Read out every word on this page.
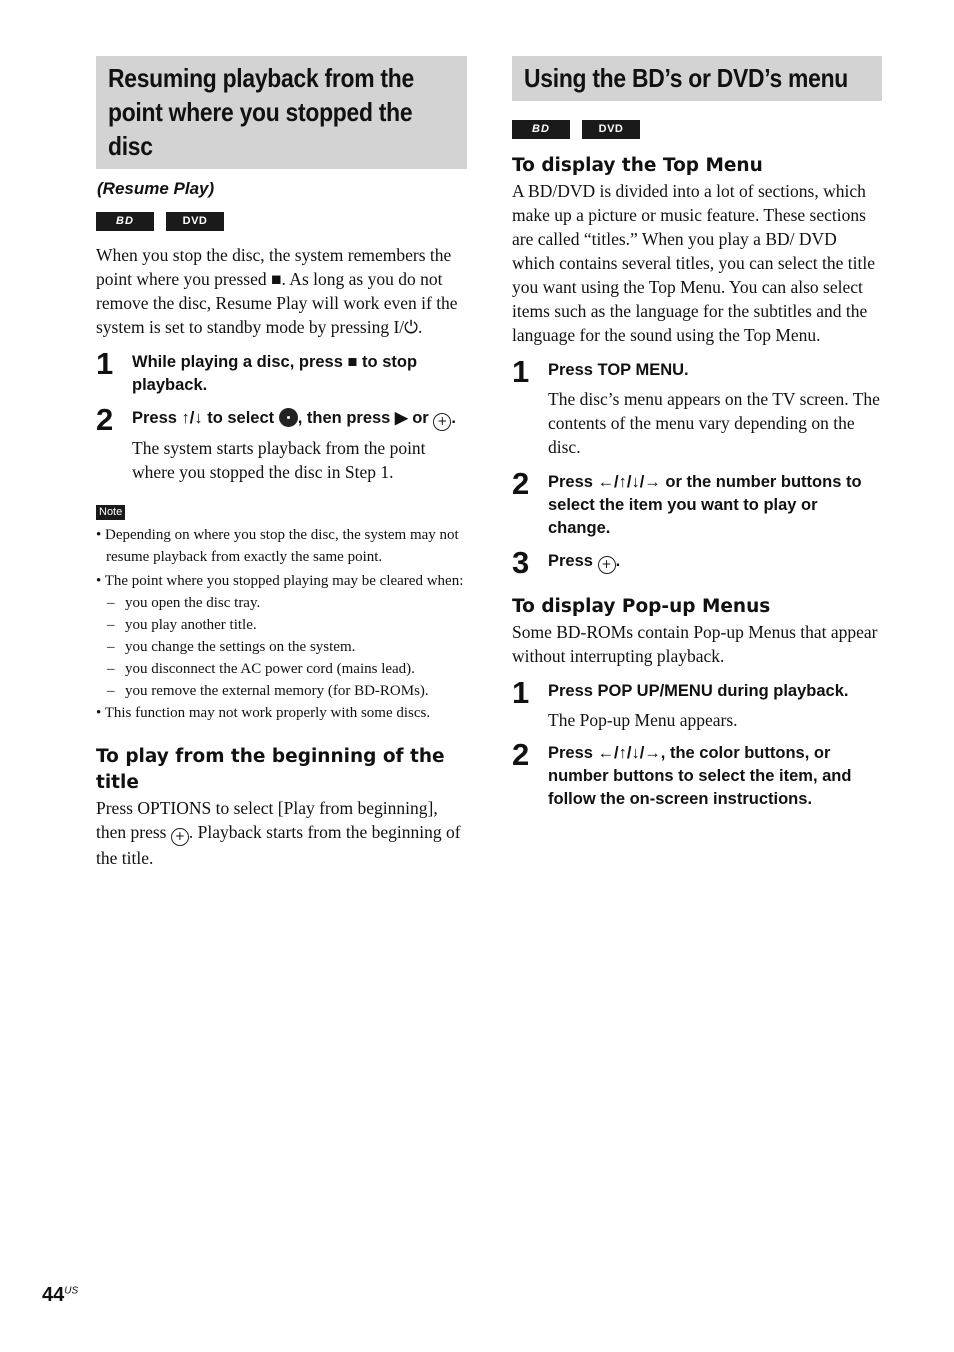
Resuming playback from the
point where you stopped the
disc
(Resume Play)
BD	DVD
When you stop the disc, the system remembers the point where you pressed ■. As long as you do not remove the disc, Resume Play will work even if the system is set to standby mode by pressing I/⏻.
1 While playing a disc, press ■ to stop playback.
2 Press ↑/↓ to select , then press ▶ or + .
The system starts playback from the point where you stopped the disc in Step 1.
Note
• Depending on where you stop the disc, the system may not resume playback from exactly the same point.
• The point where you stopped playing may be cleared when:
– you open the disc tray.
– you play another title.
– you change the settings on the system.
– you disconnect the AC power cord (mains lead).
– you remove the external memory (for BD-ROMs).
• This function may not work properly with some discs.
To play from the beginning of the title
Press OPTIONS to select [Play from beginning], then press + . Playback starts from the beginning of the title.
Using the BD’s or DVD’s menu
BD	DVD
To display the Top Menu
A BD/DVD is divided into a lot of sections, which make up a picture or music feature. These sections are called “titles.” When you play a BD/ DVD which contains several titles, you can select the title you want using the Top Menu. You can also select items such as the language for the subtitles and the language for the sound using the Top Menu.
1 Press TOP MENU.
The disc’s menu appears on the TV screen. The contents of the menu vary depending on the disc.
2 Press ←/↑/↓/→ or the number buttons to select the item you want to play or change.
3 Press + .
To display Pop-up Menus
Some BD-ROMs contain Pop-up Menus that appear without interrupting playback.
1 Press POP UP/MENU during playback.
The Pop-up Menu appears.
2 Press ←/↑/↓/→, the color buttons, or number buttons to select the item, and follow the on-screen instructions.
$44^{US}$
